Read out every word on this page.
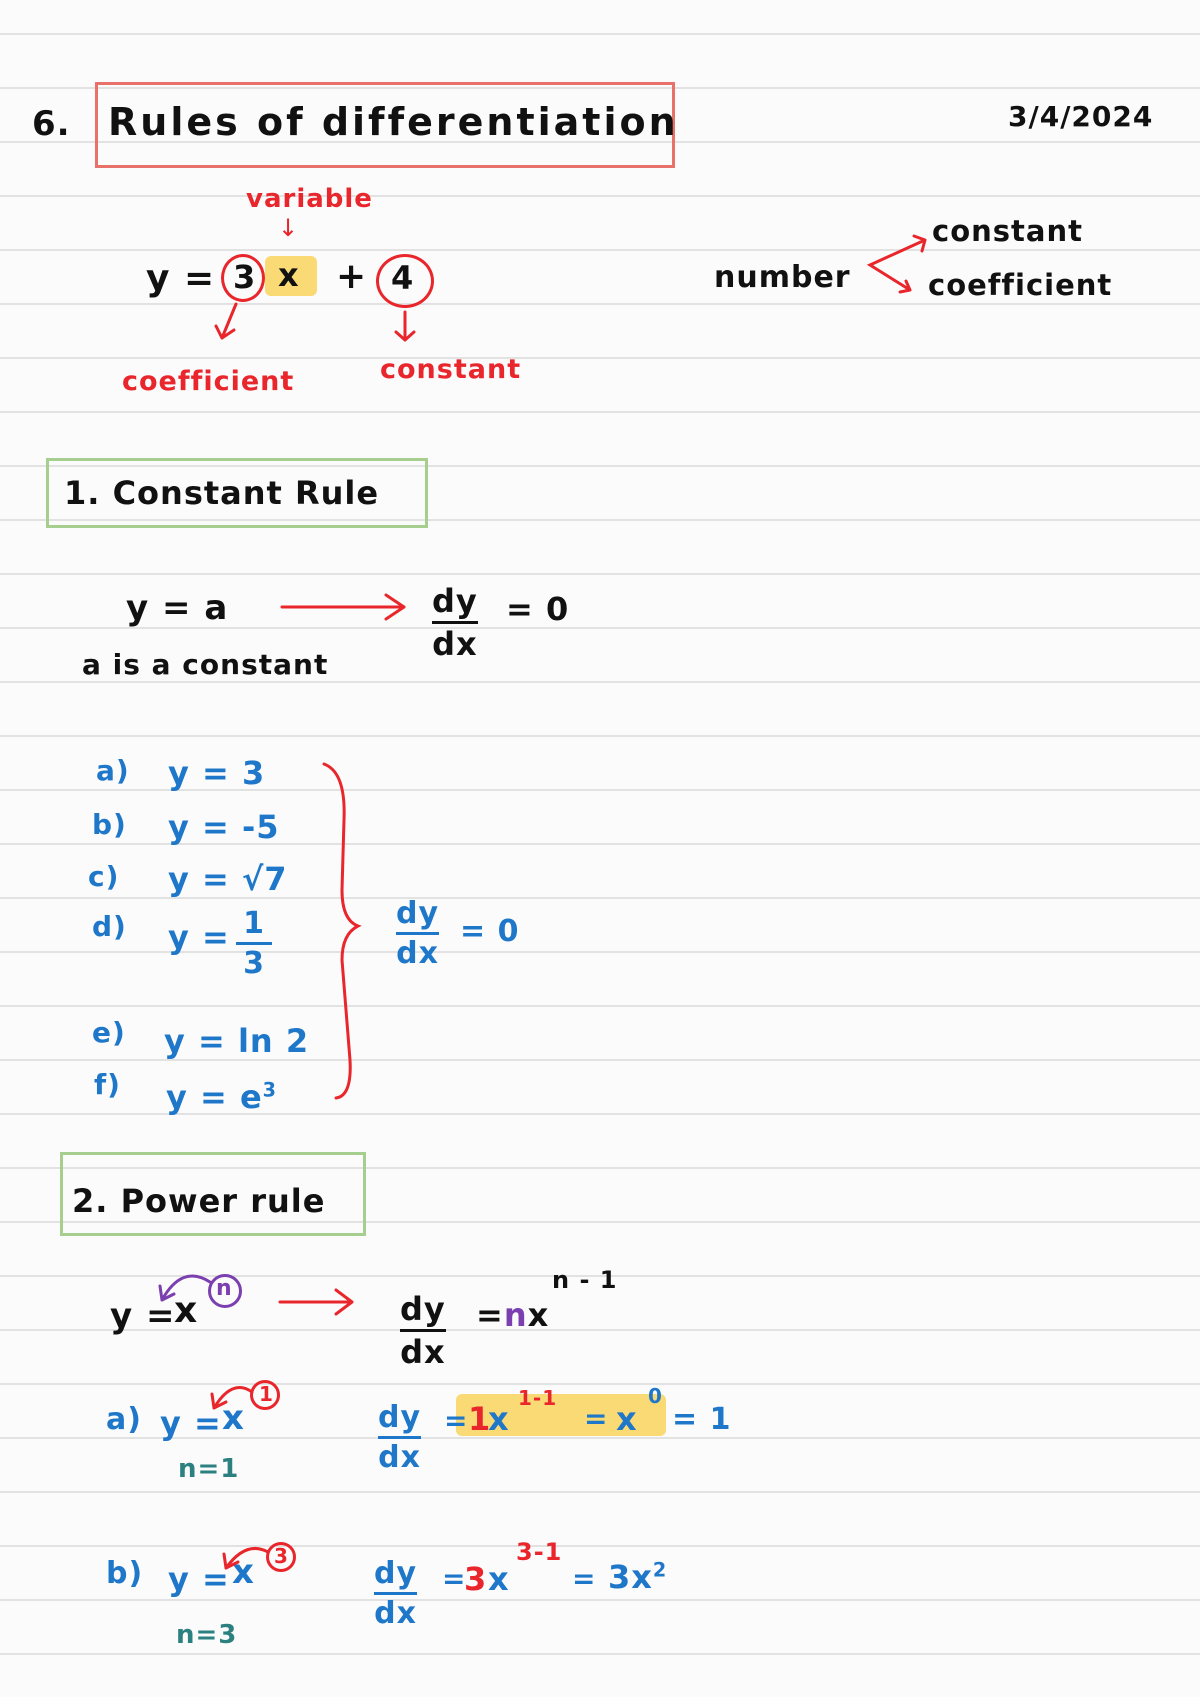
6. Rules of differentiation	3/4/2024
variable
↓
y = 3 x + 4
coefficient	constant
number
constant
coefficient
1. Constant Rule
y = a
a is a constant
dy
dx
= 0
a) y = 3
b) y = -5
c) y = √7
d) y = 1
3
e) y = ln 2
f) $y = e^3$
dy
dx
= 0
2. Power rule
y =
x
n
dy
dx
=nx
n - 1
a) y = x
1
n=1
dy
dx
= 1
x
1-1
= x
0
= 1
b) y = x 3
n=3
dy
dx
=
3 x
3-1
= $3x^2$
